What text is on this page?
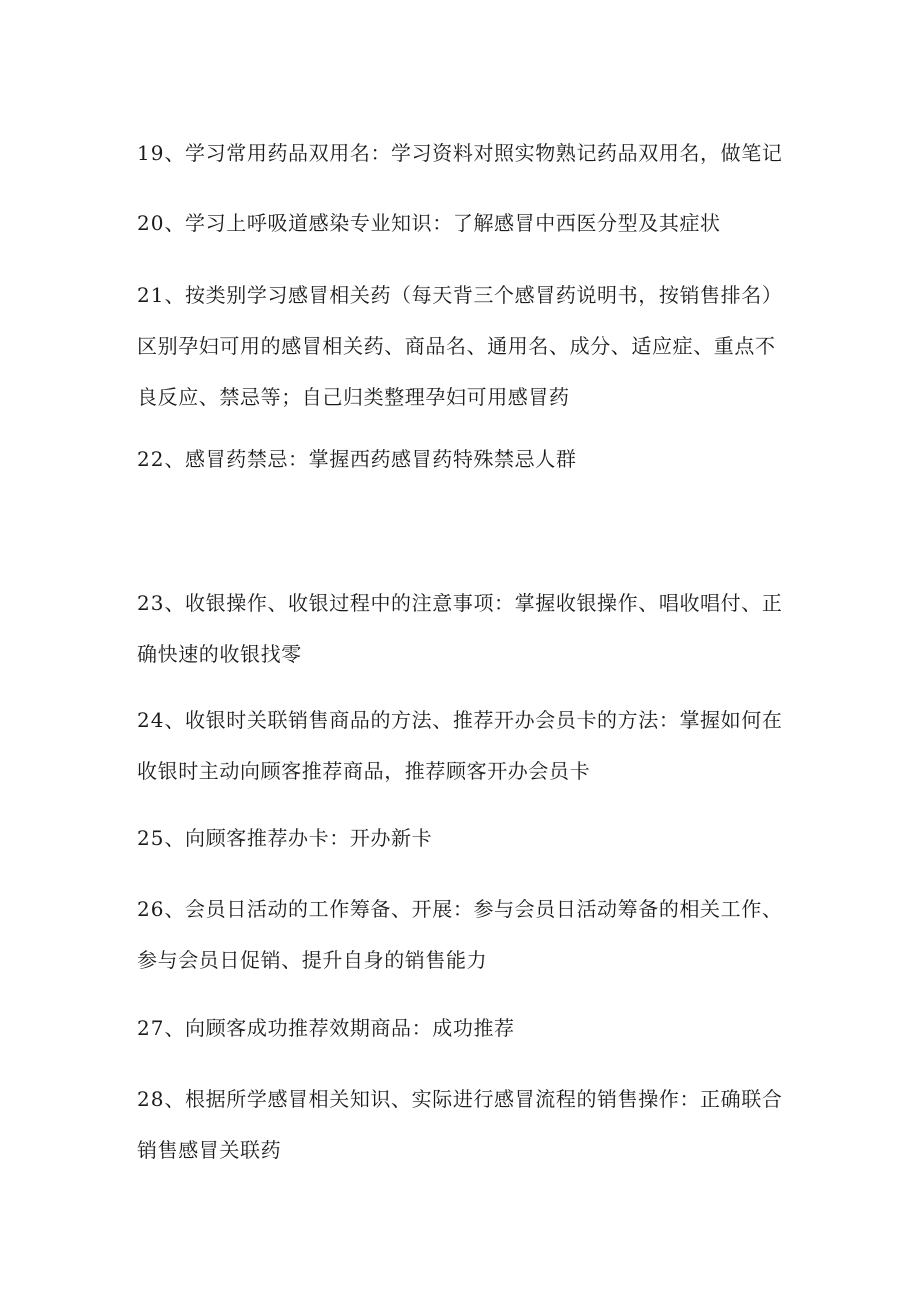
19、学习常用药品双用名：学习资料对照实物熟记药品双用名，做笔记

20、学习上呼吸道感染专业知识：了解感冒中西医分型及其症状

21、按类别学习感冒相关药（每天背三个感冒药说明书，按销售排名）区别孕妇可用的感冒相关药、商品名、通用名、成分、适应症、重点不良反应、禁忌等；自己归类整理孕妇可用感冒药

22、感冒药禁忌：掌握西药感冒药特殊禁忌人群

23、收银操作、收银过程中的注意事项：掌握收银操作、唱收唱付、正确快速的收银找零

24、收银时关联销售商品的方法、推荐开办会员卡的方法：掌握如何在收银时主动向顾客推荐商品，推荐顾客开办会员卡

25、向顾客推荐办卡：开办新卡

26、会员日活动的工作筹备、开展：参与会员日活动筹备的相关工作、参与会员日促销、提升自身的销售能力

27、向顾客成功推荐效期商品：成功推荐

28、根据所学感冒相关知识、实际进行感冒流程的销售操作：正确联合销售感冒关联药
